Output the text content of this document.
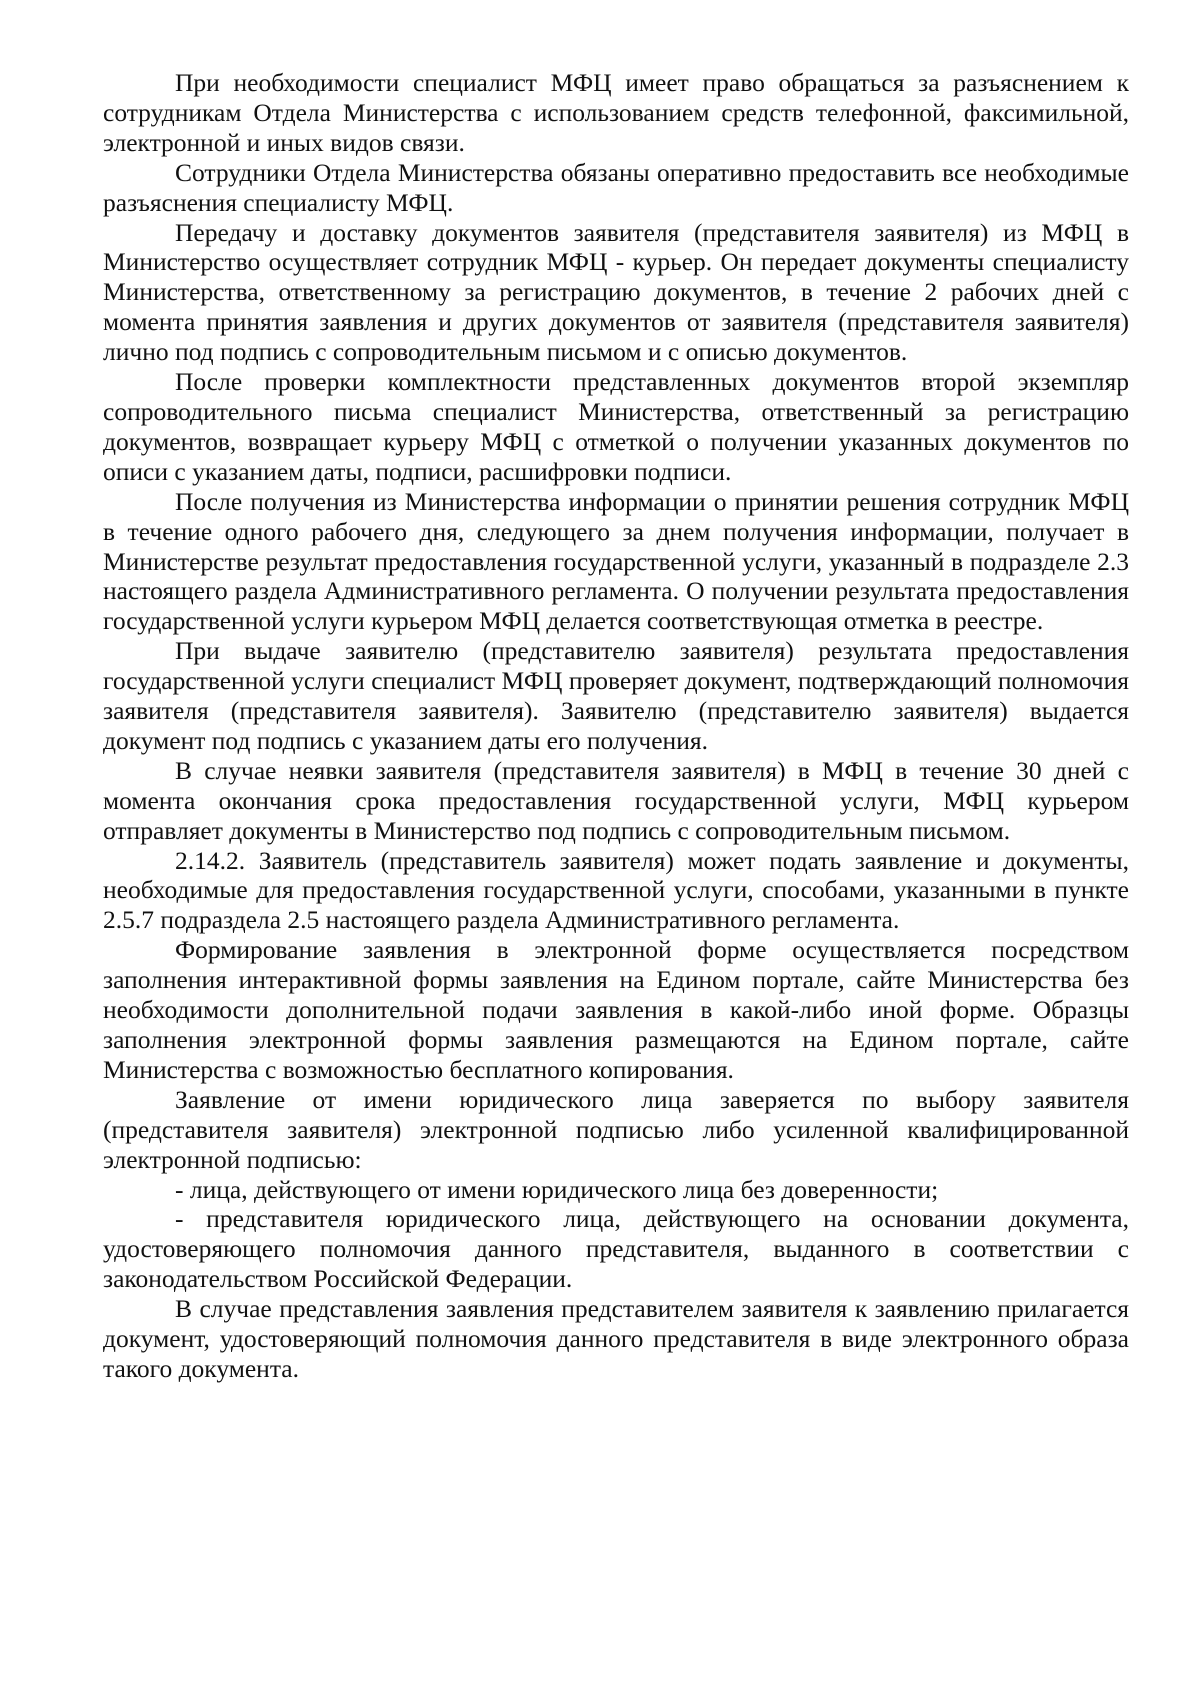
При необходимости специалист МФЦ имеет право обращаться за разъяснением к сотрудникам Отдела Министерства с использованием средств телефонной, факсимильной, электронной и иных видов связи.

Сотрудники Отдела Министерства обязаны оперативно предоставить все необходимые разъяснения специалисту МФЦ.

Передачу и доставку документов заявителя (представителя заявителя) из МФЦ в Министерство осуществляет сотрудник МФЦ - курьер. Он передает документы специалисту Министерства, ответственному за регистрацию документов, в течение 2 рабочих дней с момента принятия заявления и других документов от заявителя (представителя заявителя) лично под подпись с сопроводительным письмом и с описью документов.

После проверки комплектности представленных документов второй экземпляр сопроводительного письма специалист Министерства, ответственный за регистрацию документов, возвращает курьеру МФЦ с отметкой о получении указанных документов по описи с указанием даты, подписи, расшифровки подписи.

После получения из Министерства информации о принятии решения сотрудник МФЦ в течение одного рабочего дня, следующего за днем получения информации, получает в Министерстве результат предоставления государственной услуги, указанный в подразделе 2.3 настоящего раздела Административного регламента. О получении результата предоставления государственной услуги курьером МФЦ делается соответствующая отметка в реестре.

При выдаче заявителю (представителю заявителя) результата предоставления государственной услуги специалист МФЦ проверяет документ, подтверждающий полномочия заявителя (представителя заявителя). Заявителю (представителю заявителя) выдается документ под подпись с указанием даты его получения.

В случае неявки заявителя (представителя заявителя) в МФЦ в течение 30 дней с момента окончания срока предоставления государственной услуги, МФЦ курьером отправляет документы в Министерство под подпись с сопроводительным письмом.

2.14.2. Заявитель (представитель заявителя) может подать заявление и документы, необходимые для предоставления государственной услуги, способами, указанными в пункте 2.5.7 подраздела 2.5 настоящего раздела Административного регламента.

Формирование заявления в электронной форме осуществляется посредством заполнения интерактивной формы заявления на Едином портале, сайте Министерства без необходимости дополнительной подачи заявления в какой-либо иной форме. Образцы заполнения электронной формы заявления размещаются на Едином портале, сайте Министерства с возможностью бесплатного копирования.

Заявление от имени юридического лица заверяется по выбору заявителя (представителя заявителя) электронной подписью либо усиленной квалифицированной электронной подписью:

- лица, действующего от имени юридического лица без доверенности;

- представителя юридического лица, действующего на основании документа, удостоверяющего полномочия данного представителя, выданного в соответствии с законодательством Российской Федерации.

В случае представления заявления представителем заявителя к заявлению прилагается документ, удостоверяющий полномочия данного представителя в виде электронного образа такого документа.
